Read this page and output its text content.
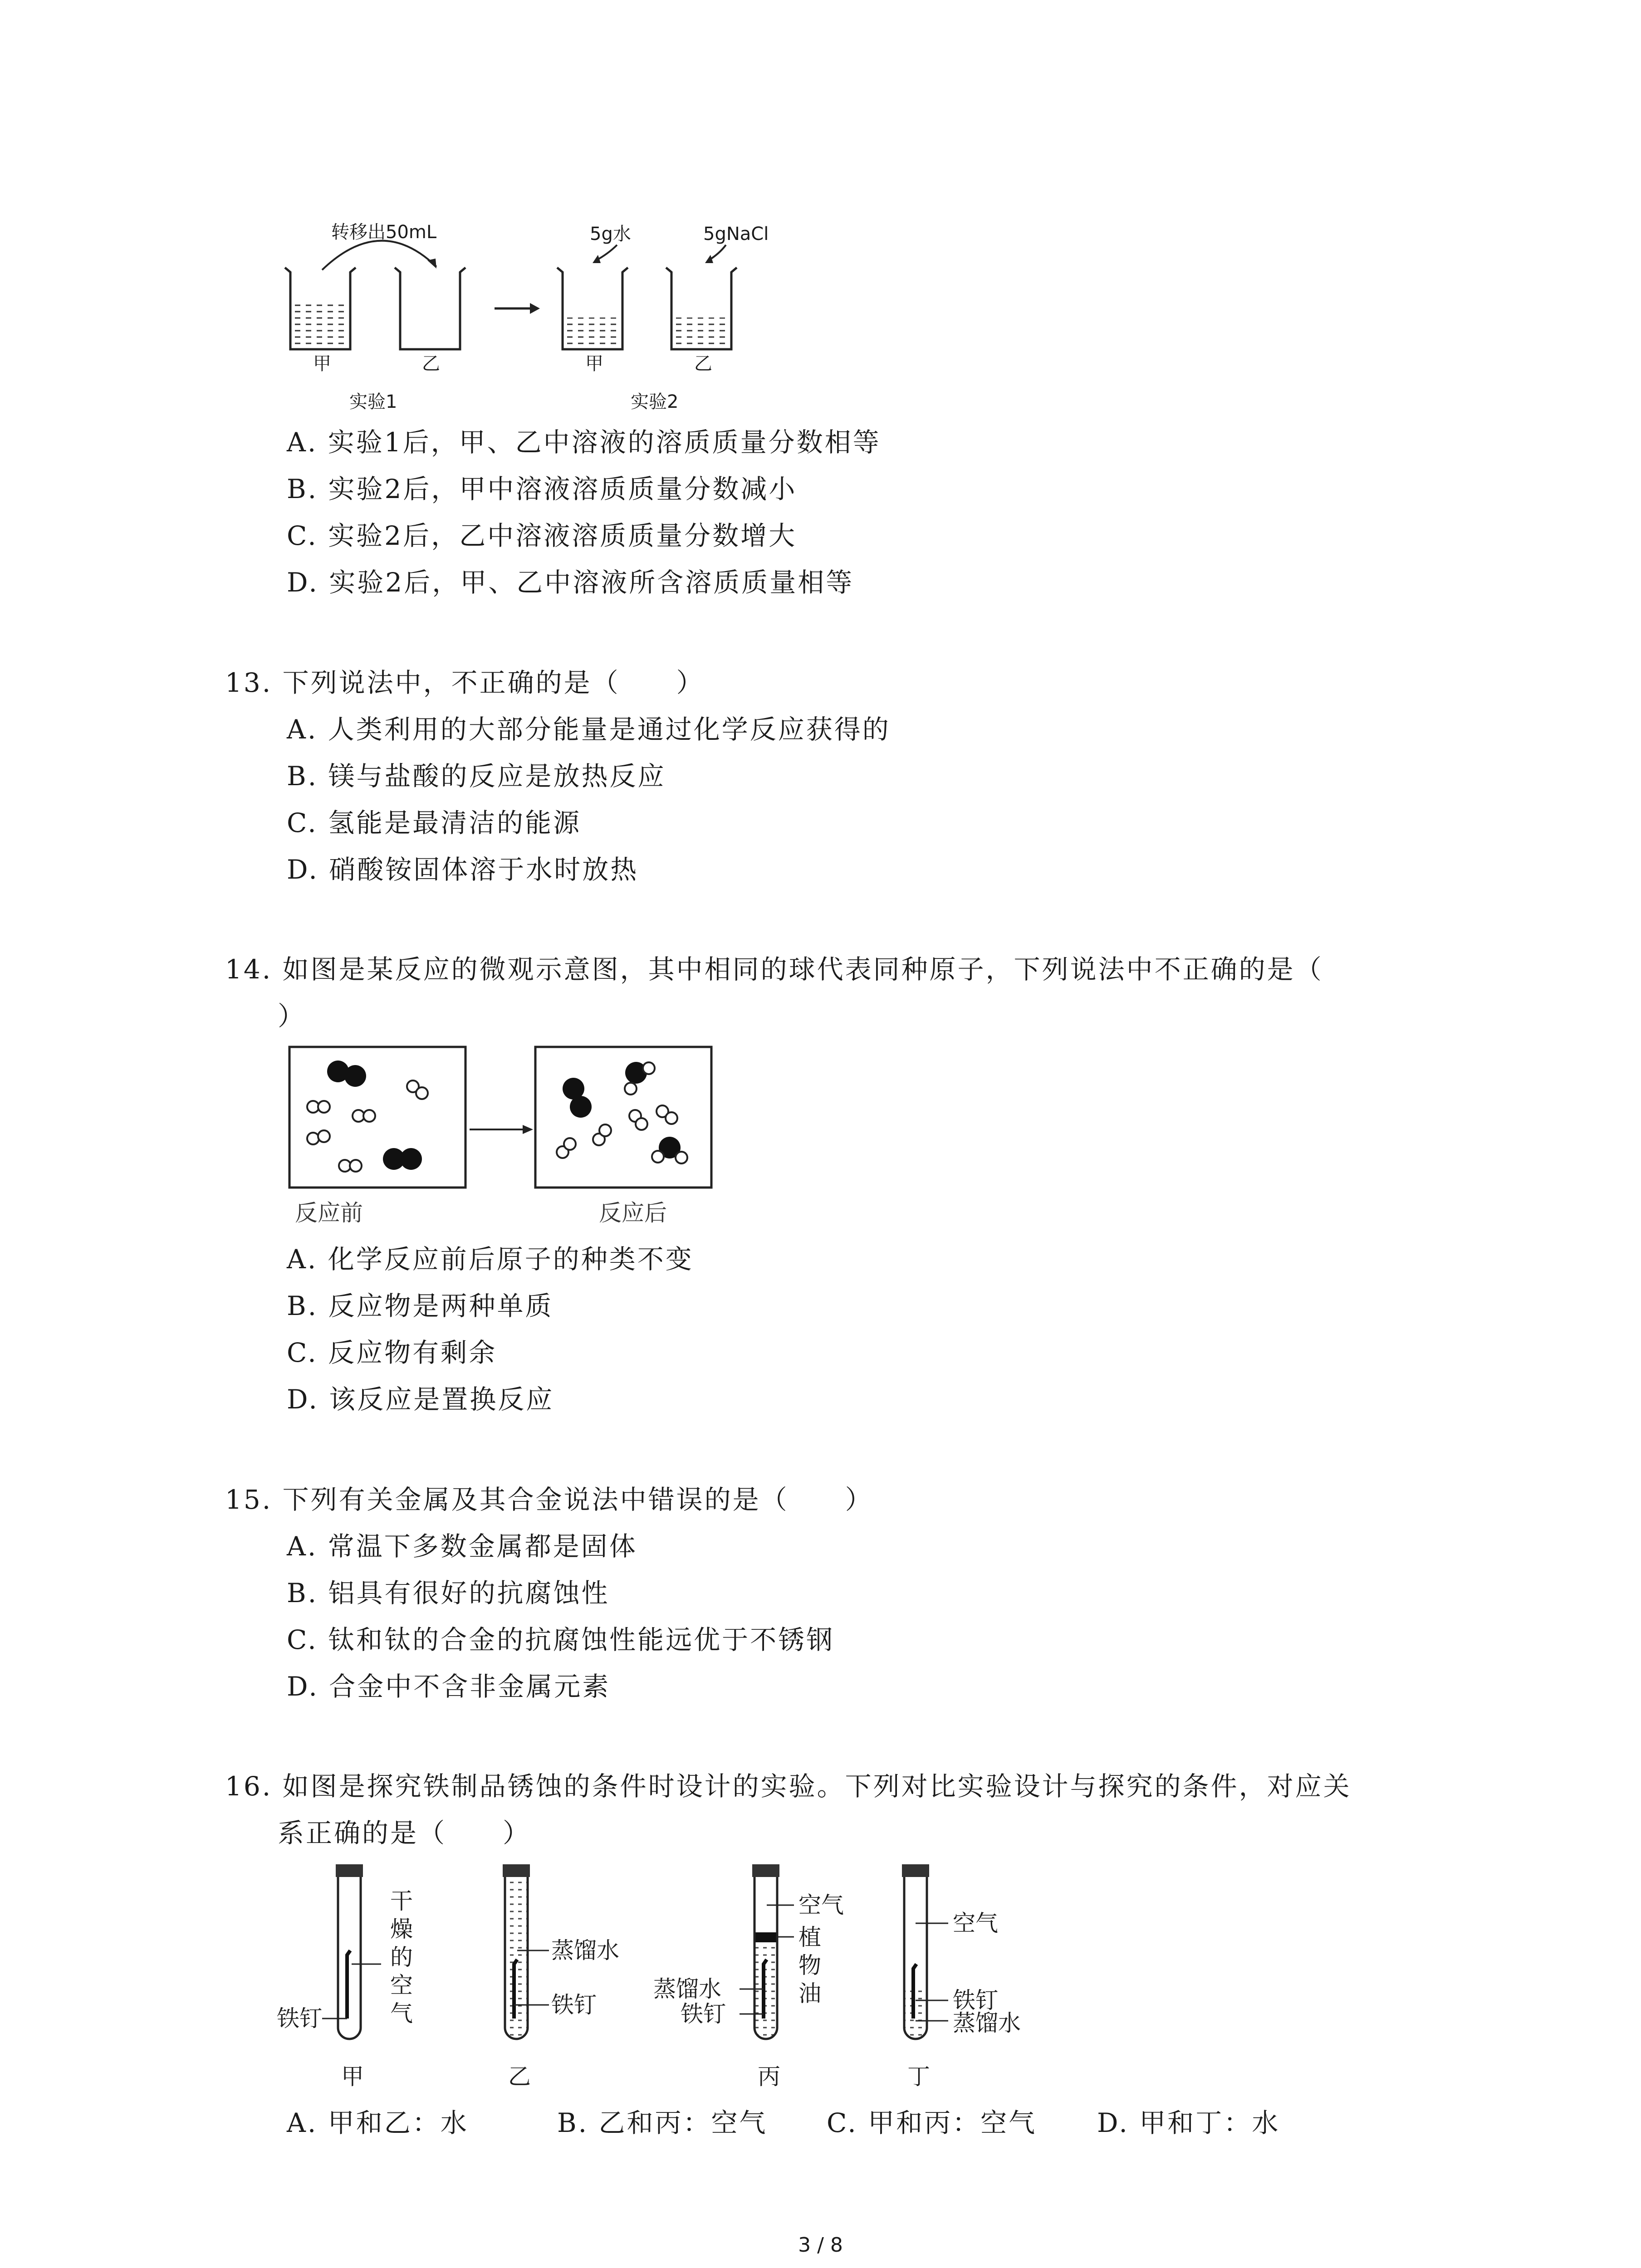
转移出50mL	5g水	5gNaCl
甲	乙	甲	乙
实验1	实验2
A. 实验1后，甲、乙中溶液的溶质质量分数相等
B. 实验2后，甲中溶液溶质质量分数减小
C. 实验2后，乙中溶液溶质质量分数增大
D. 实验2后，甲、乙中溶液所含溶质质量相等
13. 下列说法中，不正确的是（　　）
A. 人类利用的大部分能量是通过化学反应获得的
B. 镁与盐酸的反应是放热反应
C. 氢能是最清洁的能源
D. 硝酸铵固体溶于水时放热
14. 如图是某反应的微观示意图，其中相同的球代表同种原子，下列说法中不正确的是（
）
反应前	反应后
A. 化学反应前后原子的种类不变
B. 反应物是两种单质
C. 反应物有剩余
D. 该反应是置换反应
15. 下列有关金属及其合金说法中错误的是（　　）
A. 常温下多数金属都是固体
B. 铝具有很好的抗腐蚀性
C. 钛和钛的合金的抗腐蚀性能远优于不锈钢
D. 合金中不含非金属元素
16. 如图是探究铁制品锈蚀的条件时设计的实验。下列对比实验设计与探究的条件，对应关
系正确的是（　　）
铁钉
干
燥
的
空
气
蒸馏水
铁钉
空气
植
物
油
蒸馏水
铁钉
空气
铁钉
蒸馏水
甲	乙	丙	丁
A. 甲和乙：水	B. 乙和丙：空气 C. 甲和丙：空气 D. 甲和丁：水
3 / 8
